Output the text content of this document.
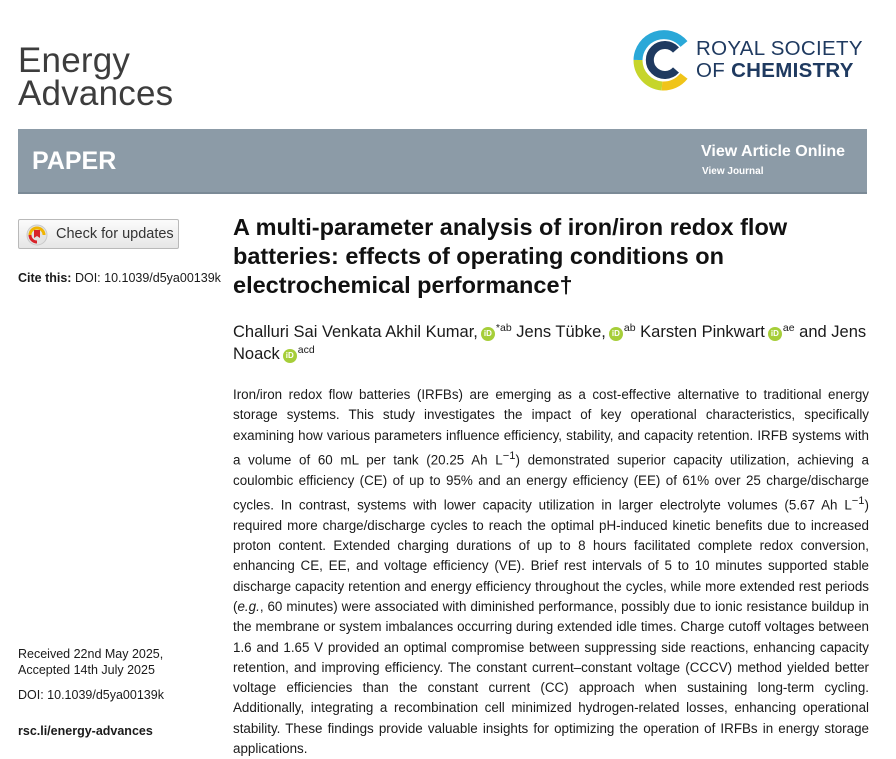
Energy
Advances
ROYAL SOCIETY
OF CHEMISTRY
PAPER	View Article Online
View Journal
Check for updates
Cite this: DOI: 10.1039/d5ya00139k
Received 22nd May 2025,
Accepted 14th July 2025
DOI: 10.1039/d5ya00139k
rsc.li/energy-advances
A multi-parameter analysis of iron/iron redox flow batteries: effects of operating conditions on electrochemical performance†
Challuri Sai Venkata Akhil Kumar, iD $^{*ab}$ Jens Tübke, iD $^{ab}$ Karsten Pinkwart iD $^{ae}$ and Jens Noack iD $^{acd}$
Iron/iron redox flow batteries (IRFBs) are emerging as a cost-effective alternative to traditional energy storage systems. This study investigates the impact of key operational characteristics, specifically examining how various parameters influence efficiency, stability, and capacity retention. IRFB systems with a volume of 60 mL per tank (20.25 Ah $L^{-1}$) demonstrated superior capacity utilization, achieving a coulombic efficiency (CE) of up to 95% and an energy efficiency (EE) of 61% over 25 charge/discharge cycles. In contrast, systems with lower capacity utilization in larger electrolyte volumes (5.67 Ah $L^{-1}$) required more charge/discharge cycles to reach the optimal pH-induced kinetic benefits due to increased proton content. Extended charging durations of up to 8 hours facilitated complete redox conversion, enhancing CE, EE, and voltage efficiency (VE). Brief rest intervals of 5 to 10 minutes supported stable discharge capacity retention and energy efficiency throughout the cycles, while more extended rest periods (e.g., 60 minutes) were associated with diminished performance, possibly due to ionic resistance buildup in the membrane or system imbalances occurring during extended idle times. Charge cutoff voltages between 1.6 and 1.65 V provided an optimal compromise between suppressing side reactions, enhancing capacity retention, and improving efficiency. The constant current–constant voltage (CCCV) method yielded better voltage efficiencies than the constant current (CC) approach when sustaining long-term cycling. Additionally, integrating a recombination cell minimized hydrogen-related losses, enhancing operational stability. These findings provide valuable insights for optimizing the operation of IRFBs in energy storage applications.
